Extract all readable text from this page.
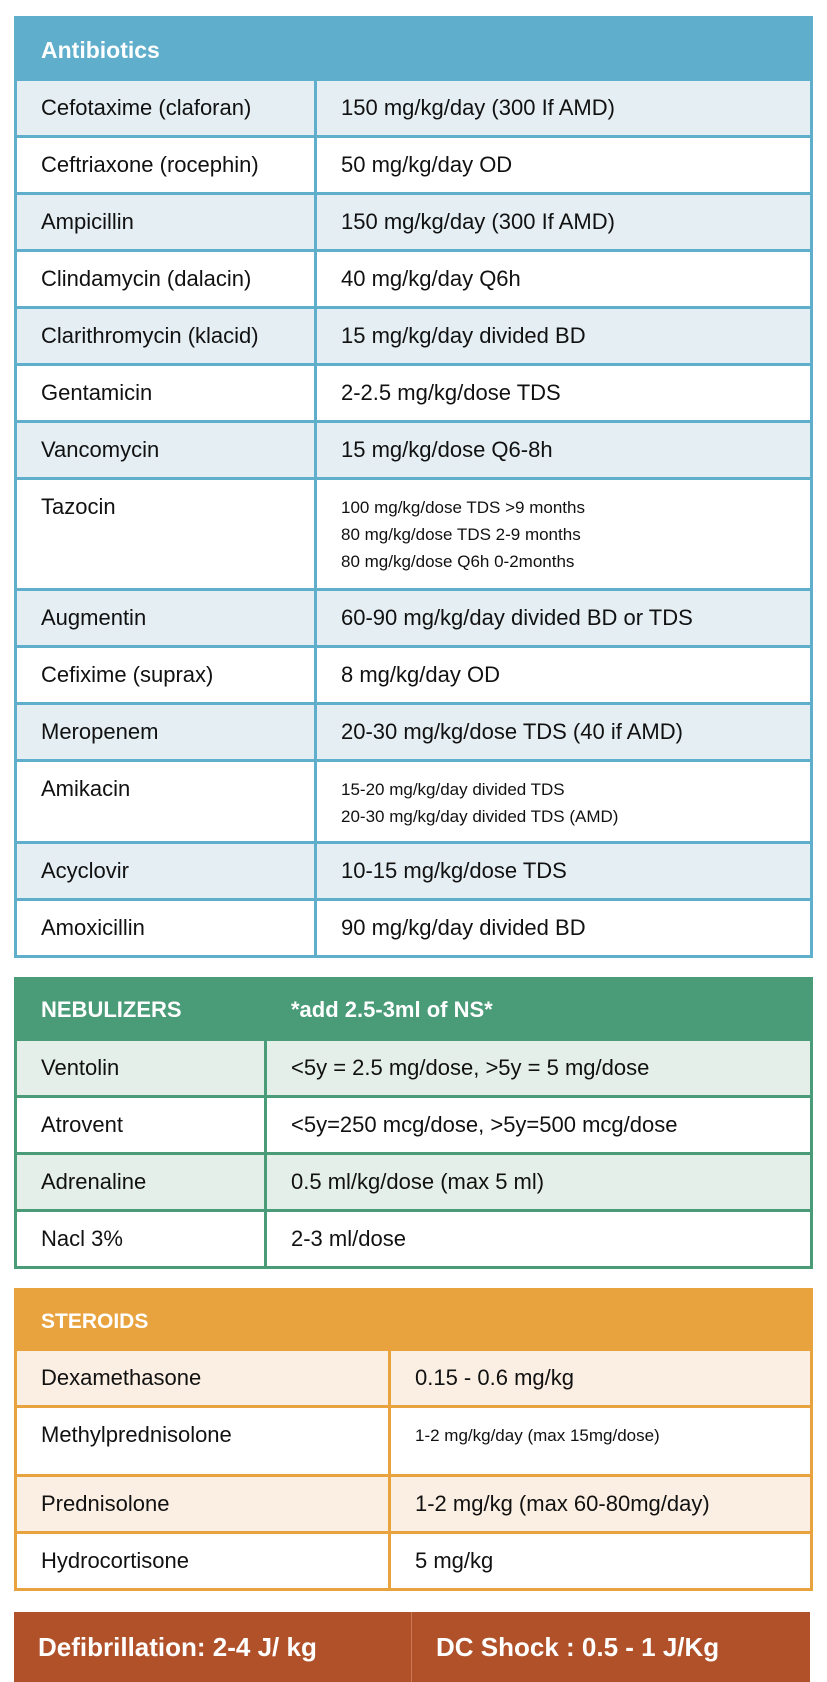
Antibiotics	
Cefotaxime (claforan)	150 mg/kg/day (300 If AMD)
Ceftriaxone (rocephin)	50 mg/kg/day OD
Ampicillin	150 mg/kg/day (300 If AMD)
Clindamycin (dalacin)	40 mg/kg/day Q6h
Clarithromycin (klacid)	15 mg/kg/day divided BD
Gentamicin	2-2.5 mg/kg/dose TDS
Vancomycin	15 mg/kg/dose Q6-8h
Tazocin	100 mg/kg/dose TDS >9 months
80 mg/kg/dose TDS 2-9 months
80 mg/kg/dose Q6h 0-2months

Augmentin	60-90 mg/kg/day divided BD or TDS
Cefixime (suprax)	8 mg/kg/day OD
Meropenem	20-30 mg/kg/dose TDS (40 if AMD)
Amikacin	15-20 mg/kg/day divided TDS
20-30 mg/kg/day divided TDS (AMD)

Acyclovir	10-15 mg/kg/dose TDS
Amoxicillin	90 mg/kg/day divided BD
NEBULIZERS	*add 2.5-3ml of NS*
Ventolin	<5y = 2.5 mg/dose, >5y = 5 mg/dose
Atrovent	<5y=250 mcg/dose, >5y=500 mcg/dose
Adrenaline	0.5 ml/kg/dose (max 5 ml)
Nacl 3%	2-3 ml/dose
STEROIDS	
Dexamethasone	0.15 - 0.6 mg/kg
Methylprednisolone	1-2 mg/kg/day (max 15mg/dose)
Prednisolone	1-2 mg/kg (max 60-80mg/day)
Hydrocortisone	5 mg/kg
Defibrillation: 2-4 J/ kg	DC Shock : 0.5 - 1 J/Kg
